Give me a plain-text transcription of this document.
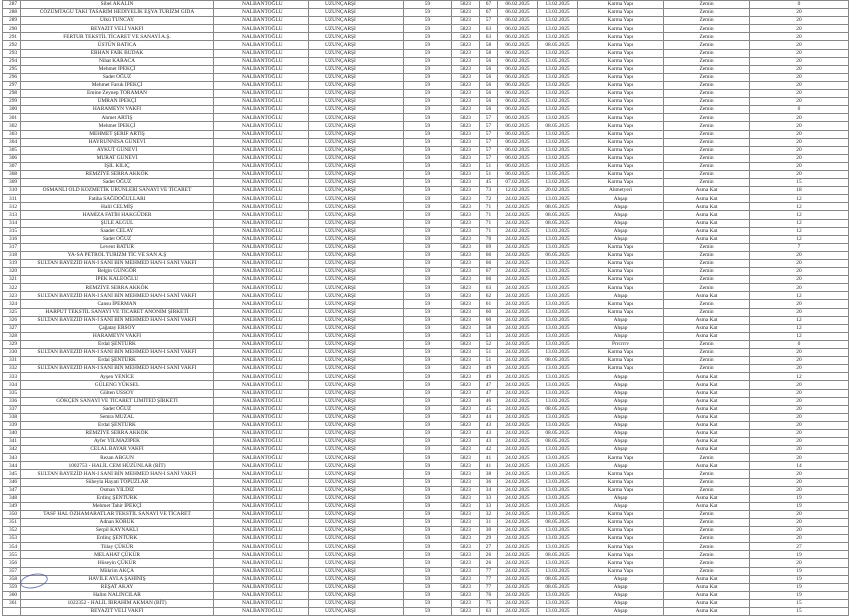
287	Sibel AKALIN	NALBANTOĞLU	UZUNÇARŞI	59	5823	67	06.02.2025	13.02.2025	Karma Yapı	Zemin	0
288	CÖZÜMTAGU TAKI TASARIM HEDİYELİK EŞYA TURİZM GIDA	NALBANTOĞLU	UZUNÇARŞI	59	5823	67	06.02.2025	13.03.2025	Karma Yapı	Zemin	20
289	Ülkü TUNCAY	NALBANTOĞLU	UZUNÇARŞI	59	5823	57	06.02.2025	13.02.2025	Karma Yapı	Zemin	20
290	BEYAZIT VELİ VAKFI	NALBANTOĞLU	UZUNÇARŞI	59	5823	63	06.02.2025	13.02.2025	Karma Yapı	Zemin	20
291	FERTUR TEKSTİL TİCARET VE SANAYİ A.Ş.	NALBANTOĞLU	UZUNÇARŞI	59	5823	63	06.02.2025	13.02.2025	Karma Yapı	Zemin	20
292	ÜSTÜN BATICA	NALBANTOĞLU	UZUNÇARŞI	59	5823	58	06.02.2025	08.05.2025	Karma Yapı	Zemin	20
293	ERHAN FAİK BUDAK	NALBANTOĞLU	UZUNÇARŞI	59	5823	58	06.02.2025	13.02.2025	Karma Yapı	Zemin	20
294	Nihat KARACA	NALBANTOĞLU	UZUNÇARŞI	59	5823	56	06.02.2025	13.05.2025	Karma Yapı	Zemin	20
295	Mehmet İPEKÇİ	NALBANTOĞLU	UZUNÇARŞI	59	5823	56	06.02.2025	13.02.2025	Karma Yapı	Zemin	20
296	Sadet OĞUZ	NALBANTOĞLU	UZUNÇARŞI	59	5823	56	06.02.2025	13.02.2025	Karma Yapı	Zemin	20
297	Mehmet Faruk İPEKÇİ	NALBANTOĞLU	UZUNÇARŞI	59	5823	56	06.02.2025	13.02.2025	Karma Yapı	Zemin	20
298	Emine Zeynep TORAMAN	NALBANTOĞLU	UZUNÇARŞI	59	5823	56	06.02.2025	13.02.2025	Karma Yapı	Zemin	20
299	ÜMRAN İPEKÇİ	NALBANTOĞLU	UZUNÇARŞI	59	5823	56	06.02.2025	13.02.2025	Karma Yapı	Zemin	20
300	HARAMEYN VAKFI	NALBANTOĞLU	UZUNÇARŞI	59	5823	56	06.02.2025	13.02.2025	Karma Yapı	Zemin	0
301	Ahmet ARTIŞ	NALBANTOĞLU	UZUNÇARŞI	59	5823	57	06.02.2025	13.02.2025	Karma Yapı	Zemin	20
302	Mehmet İPEKÇİ	NALBANTOĞLU	UZUNÇARŞI	59	5823	57	06.02.2025	08.05.2025	Karma Yapı	Zemin	20
303	MEHMET ŞERİF ARTIŞ	NALBANTOĞLU	UZUNÇARŞI	59	5823	57	06.02.2025	13.02.2025	Karma Yapı	Zemin	20
304	HAYRUNNİSA GÜNEVİ	NALBANTOĞLU	UZUNÇARŞI	59	5823	57	06.02.2025	13.02.2025	Karma Yapı	Zemin	20
305	AYKUT GÜNEVİ	NALBANTOĞLU	UZUNÇARŞI	59	5823	57	06.02.2025	13.02.2025	Karma Yapı	Zemin	20
306	MURAT GÜNEVİ	NALBANTOĞLU	UZUNÇARŞI	59	5823	57	06.02.2025	13.02.2025	Karma Yapı	Zemin	20
307	IŞIL KILIÇ	NALBANTOĞLU	UZUNÇARŞI	59	5823	51	06.02.2025	13.02.2025	Karma Yapı	Zemin	20
308	REMZİYE SERRA AKKÖK	NALBANTOĞLU	UZUNÇARŞI	59	5823	51	06.02.2025	13.05.2025	Karma Yapı	Zemin	20
309	Sadet OĞUZ	NALBANTOĞLU	UZUNÇARŞI	59	5823	45	07.02.2025	13.02.2025	Karma Yapı	Zemin	15
310	OSMANLI OLD KOZMETİK ÜRÜNLERİ SANAYİ VE TİCARET	NALBANTOĞLU	UZUNÇARŞI	59	5823	73	12.02.2025	20.02.2025	Ahmetyeri	Asma Kat	18
311	Fatiha SAĞDOĞULLARI	NALBANTOĞLU	UZUNÇARŞI	59	5823	72	24.02.2025	13.03.2025	Ahşap	Asma Kat	12
312	Halil CELMİŞ	NALBANTOĞLU	UZUNÇARŞI	59	5823	71	24.02.2025	08.05.2025	Ahşap	Asma Kat	12
313	HAMİZA FATİH HAKGÜDER	NALBANTOĞLU	UZUNÇARŞI	59	5823	71	24.02.2025	08.05.2025	Ahşap	Asma Kat	12
314	ŞULE ALGÜL	NALBANTOĞLU	UZUNÇARŞI	59	5823	71	24.02.2025	08.05.2025	Ahşap	Asma Kat	12
315	Saadet CELAY	NALBANTOĞLU	UZUNÇARŞI	59	5823	71	24.02.2025	13.03.2025	Ahşap	Asma Kat	12
316	Sadet OĞUZ	NALBANTOĞLU	UZUNÇARŞI	59	5823	70	24.02.2025	13.03.2025	Ahşap	Asma Kat	12
317	Levent BATUR	NALBANTOĞLU	UZUNÇARŞI	59	5823	69	24.02.2025	13.03.2025	Karma Yapı	Zemin	7
318	YA-SA PETROL TURİZM TİC VE SAN A.Ş	NALBANTOĞLU	UZUNÇARŞI	59	5823	66	24.02.2025	06.05.2025	Karma Yapı	Zemin	20
319	SULTAN BAYEZİD HAN-I SANİ BİN MEHMED HAN-I SANİ VAKFI	NALBANTOĞLU	UZUNÇARŞI	59	5823	66	24.02.2025	13.03.2025	Karma Yapı	Zemin	20
320	Belgin GÜNGÖR	NALBANTOĞLU	UZUNÇARŞI	59	5823	67	24.02.2025	13.03.2025	Karma Yapı	Zemin	20
321	İPEK KALEOĞLU	NALBANTOĞLU	UZUNÇARŞI	59	5823	66	24.02.2025	13.03.2025	Karma Yapı	Zemin	20
322	REMZİYE SERRA AKKÖK	NALBANTOĞLU	UZUNÇARŞI	59	5823	63	24.02.2025	13.03.2025	Karma Yapı	Zemin	20
323	SULTAN BAYEZİD HAN-I SANİ BİN MEHMED HAN-I SANİ VAKFI	NALBANTOĞLU	UZUNÇARŞI	59	5823	62	24.02.2025	13.03.2025	Ahşap	Asma Kat	12
324	Cansu İPERMAN	NALBANTOĞLU	UZUNÇARŞI	59	5823	61	24.02.2025	13.03.2025	Karma Yapı	Zemin	20
325	HARPUT TEKSTİL SANAYİ VE TİCARET ANONİM ŞİRKETİ	NALBANTOĞLU	UZUNÇARŞI	59	5823	60	24.02.2025	13.03.2025	Karma Yapı	Zemin	20
326	SULTAN BAYEZİD HAN-I SANİ BİN MEHMED HAN-I SANİ VAKFI	NALBANTOĞLU	UZUNÇARŞI	59	5823	60	24.02.2025	13.03.2025	Ahşap	Asma Kat	12
327	Çağatay ERSOY	NALBANTOĞLU	UZUNÇARŞI	59	5823	58	24.02.2025	13.03.2025	Ahşap	Asma Kat	12
328	HARAMEYN VAKFI	NALBANTOĞLU	UZUNÇARŞI	59	5823	53	24.02.2025	13.03.2025	Ahşap	Asma Kat	12
329	Erdal ŞENTÜRK	NALBANTOĞLU	UZUNÇARŞI	59	5823	52	24.02.2025	13.03.2025	Prrcrrrv	Zemin	0
330	SULTAN BAYEZİD HAN-I SANİ BİN MEHMED HAN-I SANİ VAKFI	NALBANTOĞLU	UZUNÇARŞI	59	5823	51	24.02.2025	13.03.2025	Karma Yapı	Zemin	20
331	Erdal ŞENTÜRK	NALBANTOĞLU	UZUNÇARŞI	59	5823	51	24.02.2025	08.05.2025	Karma Yapı	Zemin	20
332	SULTAN BAYEZİD HAN-I SANİ BİN MEHMED HAN-I SANİ VAKFI	NALBANTOĞLU	UZUNÇARŞI	59	5823	49	24.02.2025	13.03.2025	Karma Yapı	Zemin	20
333	Ayşen YENİCE	NALBANTOĞLU	UZUNÇARŞI	59	5823	49	24.02.2025	13.03.2025	Ahşap	Asma Kat	12
334	GÜLENG YÜKSEL	NALBANTOĞLU	UZUNÇARŞI	59	5823	47	24.02.2025	13.03.2025	Ahşap	Asma Kat	20
335	Gülten USSOY	NALBANTOĞLU	UZUNÇARŞI	59	5823	47	24.02.2025	13.03.2025	Ahşap	Asma Kat	20
336	GÖKÇEN SANAYİ VE TİCARET LİMİTED ŞİRKETİ	NALBANTOĞLU	UZUNÇARŞI	59	5823	46	24.02.2025	13.03.2025	Ahşap	Asma Kat	20
337	Sadet OĞUZ	NALBANTOĞLU	UZUNÇARŞI	59	5823	45	24.02.2025	08.05.2025	Ahşap	Asma Kat	20
338	Semra MUZAL	NALBANTOĞLU	UZUNÇARŞI	59	5823	44	24.02.2025	13.03.2025	Ahşap	Asma Kat	20
339	Erdal ŞENTÜRK	NALBANTOĞLU	UZUNÇARŞI	59	5823	43	24.02.2025	13.03.2025	Ahşap	Asma Kat	20
340	REMZİYE SERRA AKKÖK	NALBANTOĞLU	UZUNÇARŞI	59	5823	43	24.02.2025	08.05.2025	Ahşap	Asma Kat	20
341	Ayfer YILMAZİPEK	NALBANTOĞLU	UZUNÇARŞI	59	5823	43	24.02.2025	08.05.2025	Ahşap	Asma Kat	20
342	CELAL BAYAR VAKFI	NALBANTOĞLU	UZUNÇARŞI	59	5823	42	24.02.2025	13.03.2025	Ahşap	Asma Kat	20
343	Rezan ABGUN	NALBANTOĞLU	UZUNÇARŞI	59	5823	41	24.02.2025	13.03.2025	Karma Yapı	Zemin	20
344	1002753 - HALİL CEM HÜZÜNLAR (BİT)	NALBANTOĞLU	UZUNÇARŞI	59	5823	41	24.02.2025	13.03.2025	Ahşap	Asma Kat	14
345	SULTAN BAYEZİD HAN-I SANİ BİN MEHMED HAN-I SANİ VAKFI	NALBANTOĞLU	UZUNÇARŞI	59	5823	38	24.02.2025	13.03.2025	Karma Yapı	Zemin	20
346	Süheyla Hayati TOPUZLAR	NALBANTOĞLU	UZUNÇARŞI	59	5823	36	24.02.2025	13.03.2025	Karma Yapı	Zemin	20
347	Osman YILDIZ	NALBANTOĞLU	UZUNÇARŞI	59	5823	34	24.02.2025	13.03.2025	Karma Yapı	Zemin	20
348	Erdinç ŞENTÜRK	NALBANTOĞLU	UZUNÇARŞI	59	5823	33	24.02.2025	13.03.2025	Ahşap	Asma Kat	19
349	Mehmet Tahir İPEKÇİ	NALBANTOĞLU	UZUNÇARŞI	59	5823	33	24.02.2025	13.03.2025	Ahşap	Asma Kat	19
350	TASF HAL ÖZHAMARATLAR TEKSTİL SANAYİ VE TİCARET	NALBANTOĞLU	UZUNÇARŞI	59	5823	32	24.02.2025	13.03.2025	Karma Yapı	Zemin	20
351	Adnan KORUK	NALBANTOĞLU	UZUNÇARŞI	59	5823	31	24.02.2025	08.05.2025	Karma Yapı	Zemin	20
352	Serpil KAYNAKLI	NALBANTOĞLU	UZUNÇARŞI	59	5823	30	24.02.2025	13.03.2025	Karma Yapı	Zemin	20
353	Erdinç ŞENTÜRK	NALBANTOĞLU	UZUNÇARŞI	59	5823	29	24.02.2025	13.03.2025	Karma Yapı	Zemin	20
354	Tülay ÇÜKÜR	NALBANTOĞLU	UZUNÇARŞI	59	5823	27	24.02.2025	13.03.2025	Karma Yapı	Zemin	27
355	MELAHAT ÇÜKÜR	NALBANTOĞLU	UZUNÇARŞI	59	5823	26	24.02.2025	08.05.2025	Karma Yapı	Zemin	19
356	Hüseyin ÇÜKÜR	NALBANTOĞLU	UZUNÇARŞI	59	5823	26	24.02.2025	13.03.2025	Karma Yapı	Zemin	20
357	Mükrim AKÇA	NALBANTOĞLU	UZUNÇARŞI	59	5823	77	24.02.2025	13.03.2025	Karma Yapı	Zemin	19
358	HAVİLE AYLA ŞAHİNİŞ	NALBANTOĞLU	UZUNÇARŞI	59	5823	77	24.02.2025	08.05.2025	Ahşap	Asma Kat	19
359	REŞAT AKAY	NALBANTOĞLU	UZUNÇARŞI	59	5823	77	24.02.2025	08.05.2025	Ahşap	Asma Kat	19
360	Halim NALINCILAR	NALBANTOĞLU	UZUNÇARŞI	59	5823	76	24.02.2025	13.03.2025	Ahşap	Asma Kat	19
361	1022352 - HALİL İBRAHİM AKMAN (BİT)	NALBANTOĞLU	UZUNÇARŞI	59	5823	75	24.02.2025	13.03.2025	Ahşap	Asma Kat	15
	BEYAZIT VELİ VAKFI	NALBANTOĞLU	UZUNÇARŞI	59	5823	63	24.02.2025	13.03.2025	Ahşap	Asma Kat	15
